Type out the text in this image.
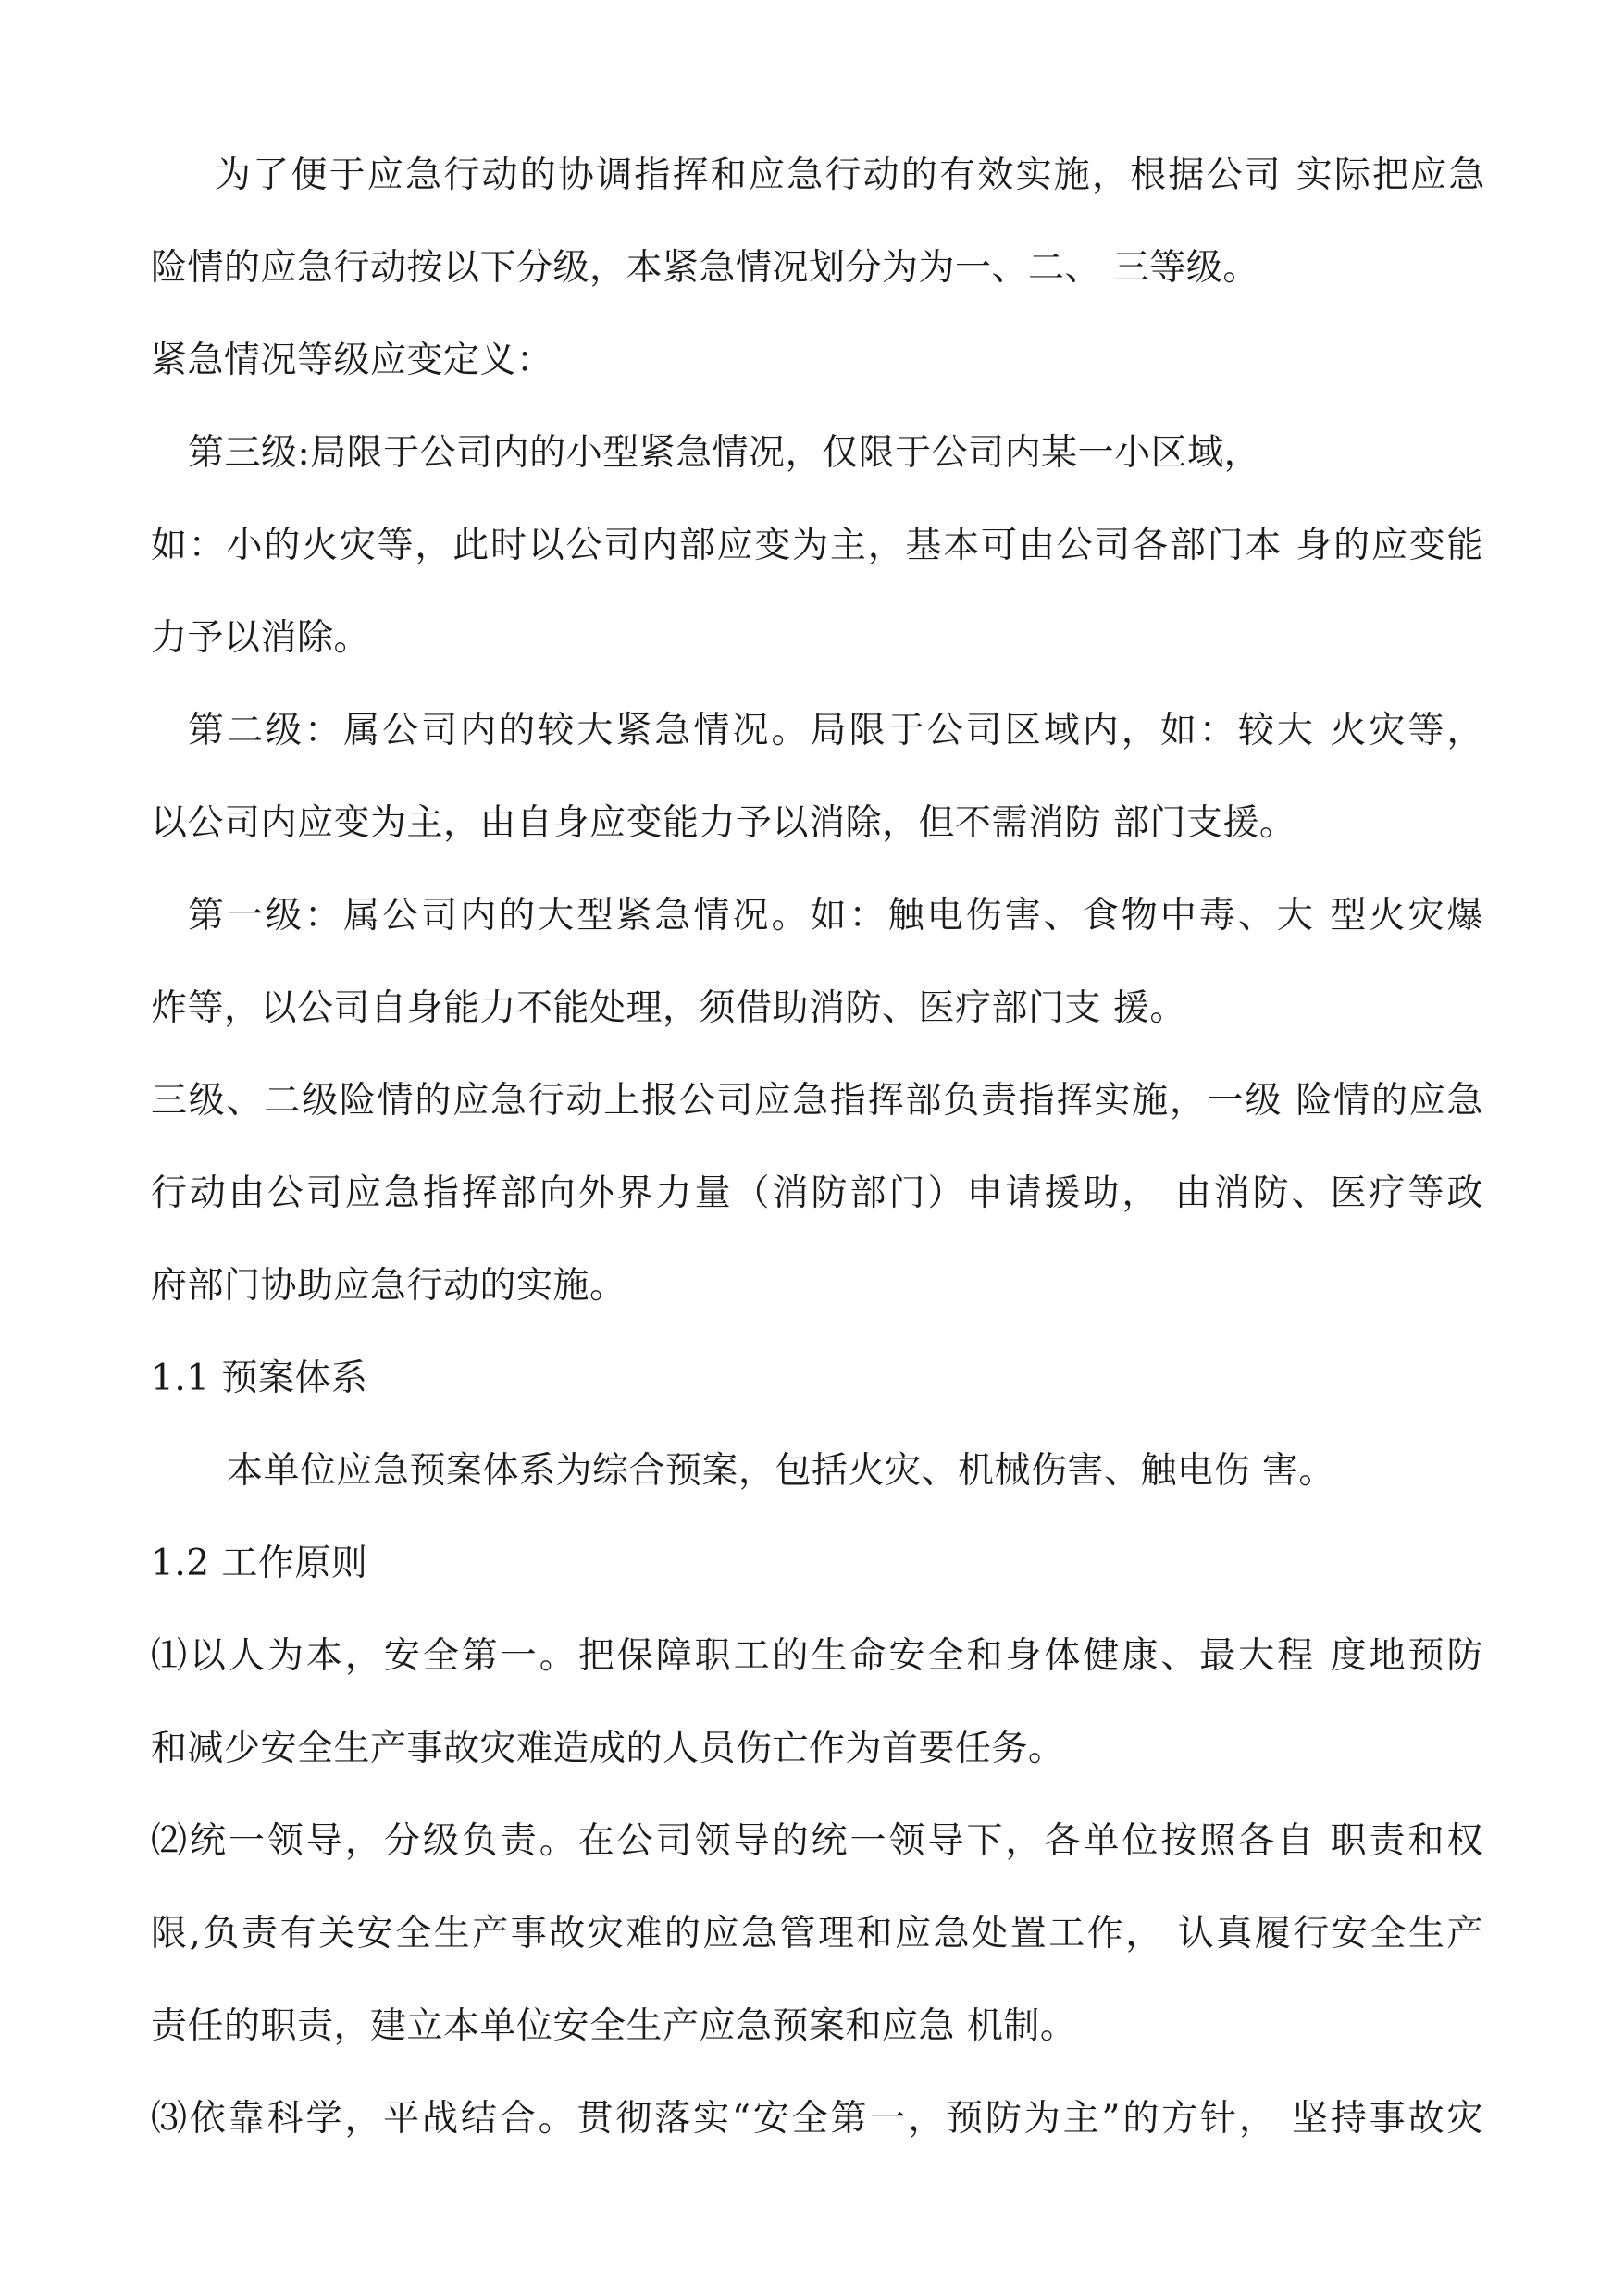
为了便于应急行动的协调指挥和应急行动的有效实施，根据公司 实际把应急
险情的应急行动按以下分级，本紧急情况划分为为一、二、 三等级。
紧急情况等级应变定义：
第三级:局限于公司内的小型紧急情况，仅限于公司内某一小区域，
如：小的火灾等，此时以公司内部应变为主，基本可由公司各部门本 身的应变能
力予以消除。
第二级：属公司内的较大紧急情况。局限于公司区域内，如：较大 火灾等，
以公司内应变为主，由自身应变能力予以消除，但不需消防 部门支援。
第一级：属公司内的大型紧急情况。如：触电伤害、食物中毒、大 型火灾爆
炸等，以公司自身能力不能处理，须借助消防、医疗部门支 援。
三级、二级险情的应急行动上报公司应急指挥部负责指挥实施，一级 险情的应急
行动由公司应急指挥部向外界力量（消防部门）申请援助， 由消防、医疗等政
府部门协助应急行动的实施。
1.1 预案体系
本单位应急预案体系为综合预案，包括火灾、机械伤害、触电伤 害。
1.2 工作原则
⑴以人为本，安全第一。把保障职工的生命安全和身体健康、最大程 度地预防
和减少安全生产事故灾难造成的人员伤亡作为首要任务。
⑵统一领导，分级负责。在公司领导的统一领导下，各单位按照各自 职责和权
限,负责有关安全生产事故灾难的应急管理和应急处置工作， 认真履行安全生产
责任的职责，建立本单位安全生产应急预案和应急 机制。
⑶依靠科学，平战结合。贯彻落实“安全第一，预防为主”的方针， 坚持事故灾
